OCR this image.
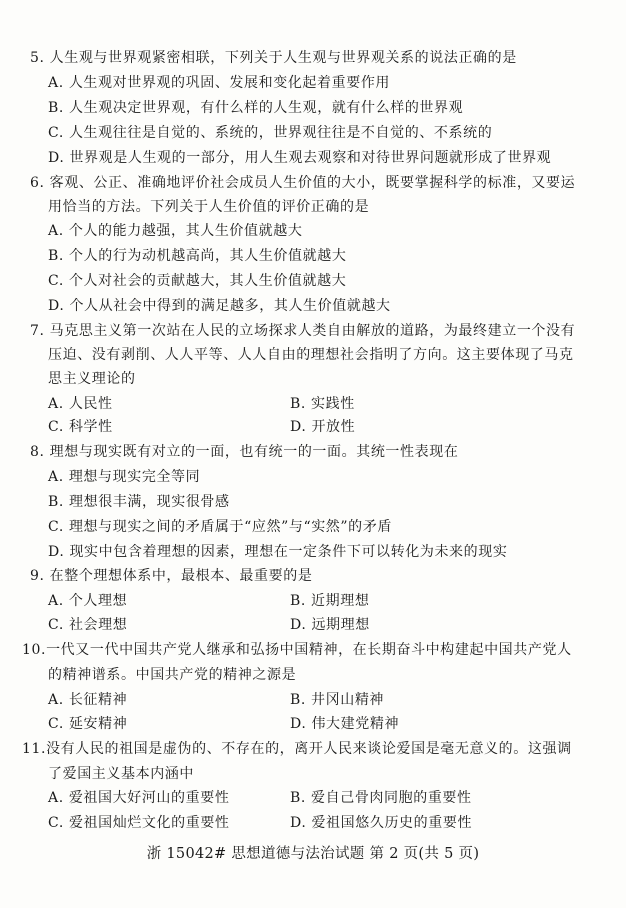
5. 人生观与世界观紧密相联，下列关于人生观与世界观关系的说法正确的是
A. 人生观对世界观的巩固、发展和变化起着重要作用
B. 人生观决定世界观，有什么样的人生观，就有什么样的世界观
C. 人生观往往是自觉的、系统的，世界观往往是不自觉的、不系统的
D. 世界观是人生观的一部分，用人生观去观察和对待世界问题就形成了世界观
6. 客观、公正、准确地评价社会成员人生价值的大小，既要掌握科学的标准，又要运
用恰当的方法。下列关于人生价值的评价正确的是
A. 个人的能力越强，其人生价值就越大
B. 个人的行为动机越高尚，其人生价值就越大
C. 个人对社会的贡献越大，其人生价值就越大
D. 个人从社会中得到的满足越多，其人生价值就越大
7. 马克思主义第一次站在人民的立场探求人类自由解放的道路，为最终建立一个没有
压迫、没有剥削、人人平等、人人自由的理想社会指明了方向。这主要体现了马克
思主义理论的
A. 人民性	B. 实践性
C. 科学性	D. 开放性
8. 理想与现实既有对立的一面，也有统一的一面。其统一性表现在
A. 理想与现实完全等同
B. 理想很丰满，现实很骨感
C. 理想与现实之间的矛盾属于“应然”与“实然”的矛盾
D. 现实中包含着理想的因素，理想在一定条件下可以转化为未来的现实
9. 在整个理想体系中，最根本、最重要的是
A. 个人理想	B. 近期理想
C. 社会理想	D. 远期理想
10.一代又一代中国共产党人继承和弘扬中国精神，在长期奋斗中构建起中国共产党人
的精神谱系。中国共产党的精神之源是
A. 长征精神	B. 井冈山精神
C. 延安精神	D. 伟大建党精神
11.没有人民的祖国是虚伪的、不存在的，离开人民来谈论爱国是毫无意义的。这强调
了爱国主义基本内涵中
A. 爱祖国大好河山的重要性	B. 爱自己骨肉同胞的重要性
C. 爱祖国灿烂文化的重要性	D. 爱祖国悠久历史的重要性
浙 15042# 思想道德与法治试题 第 2 页(共 5 页)
